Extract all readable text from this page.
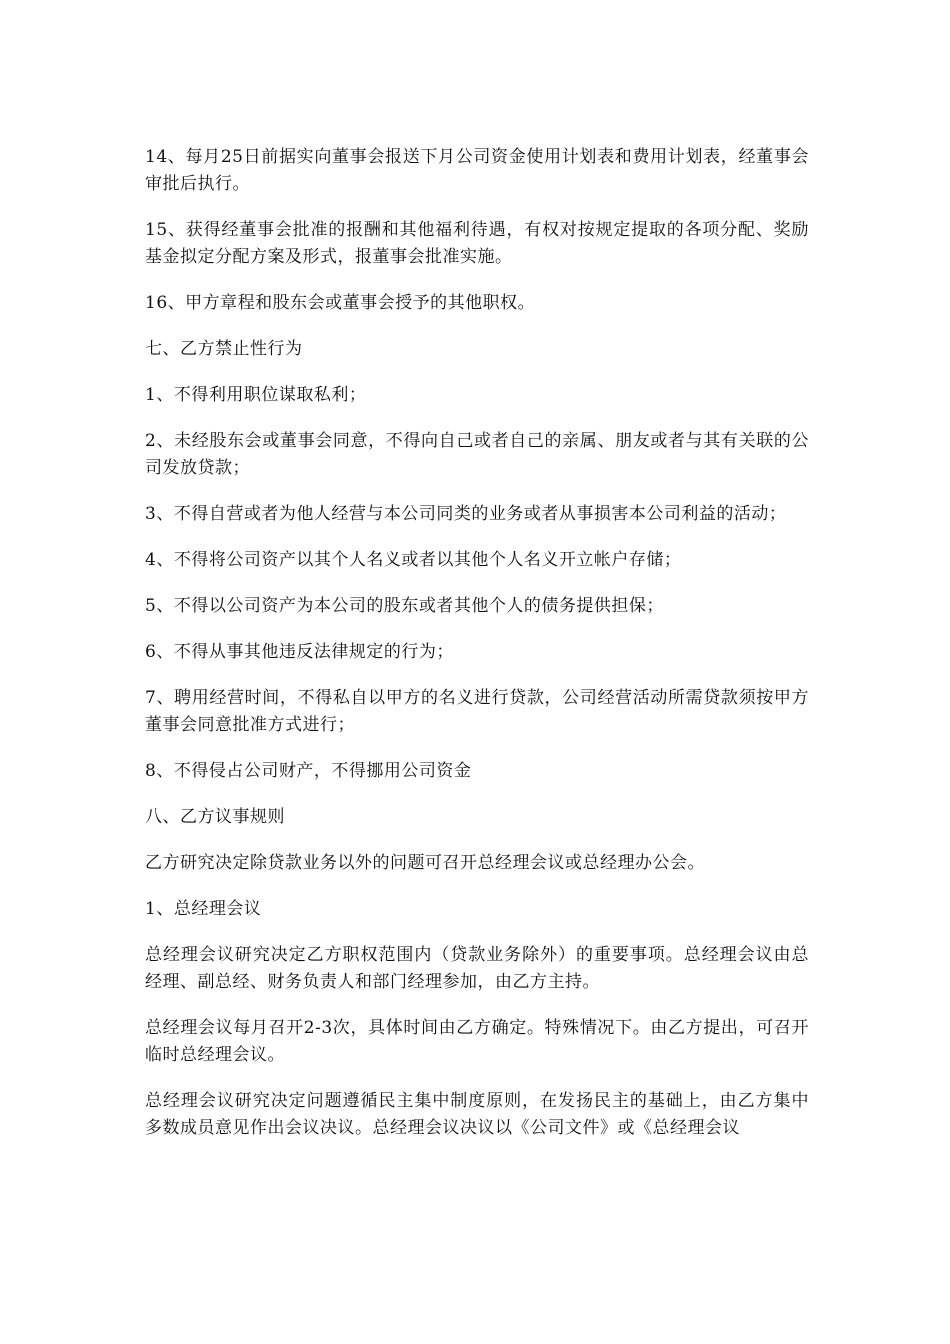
14、每月25日前据实向董事会报送下月公司资金使用计划表和费用计划表，经董事会审批后执行。

15、获得经董事会批准的报酬和其他福利待遇，有权对按规定提取的各项分配、奖励基金拟定分配方案及形式，报董事会批准实施。

16、甲方章程和股东会或董事会授予的其他职权。

七、乙方禁止性行为

1、不得利用职位谋取私利；

2、未经股东会或董事会同意，不得向自己或者自己的亲属、朋友或者与其有关联的公司发放贷款；

3、不得自营或者为他人经营与本公司同类的业务或者从事损害本公司利益的活动；

4、不得将公司资产以其个人名义或者以其他个人名义开立帐户存储；

5、不得以公司资产为本公司的股东或者其他个人的债务提供担保；

6、不得从事其他违反法律规定的行为；

7、聘用经营时间，不得私自以甲方的名义进行贷款，公司经营活动所需贷款须按甲方董事会同意批准方式进行；

8、不得侵占公司财产，不得挪用公司资金

八、乙方议事规则

乙方研究决定除贷款业务以外的问题可召开总经理会议或总经理办公会。

1、总经理会议

总经理会议研究决定乙方职权范围内（贷款业务除外）的重要事项。总经理会议由总经理、副总经、财务负责人和部门经理参加，由乙方主持。

总经理会议每月召开2-3次，具体时间由乙方确定。特殊情况下。由乙方提出，可召开临时总经理会议。

总经理会议研究决定问题遵循民主集中制度原则，在发扬民主的基础上，由乙方集中多数成员意见作出会议决议。总经理会议决议以《公司文件》或《总经理会议
